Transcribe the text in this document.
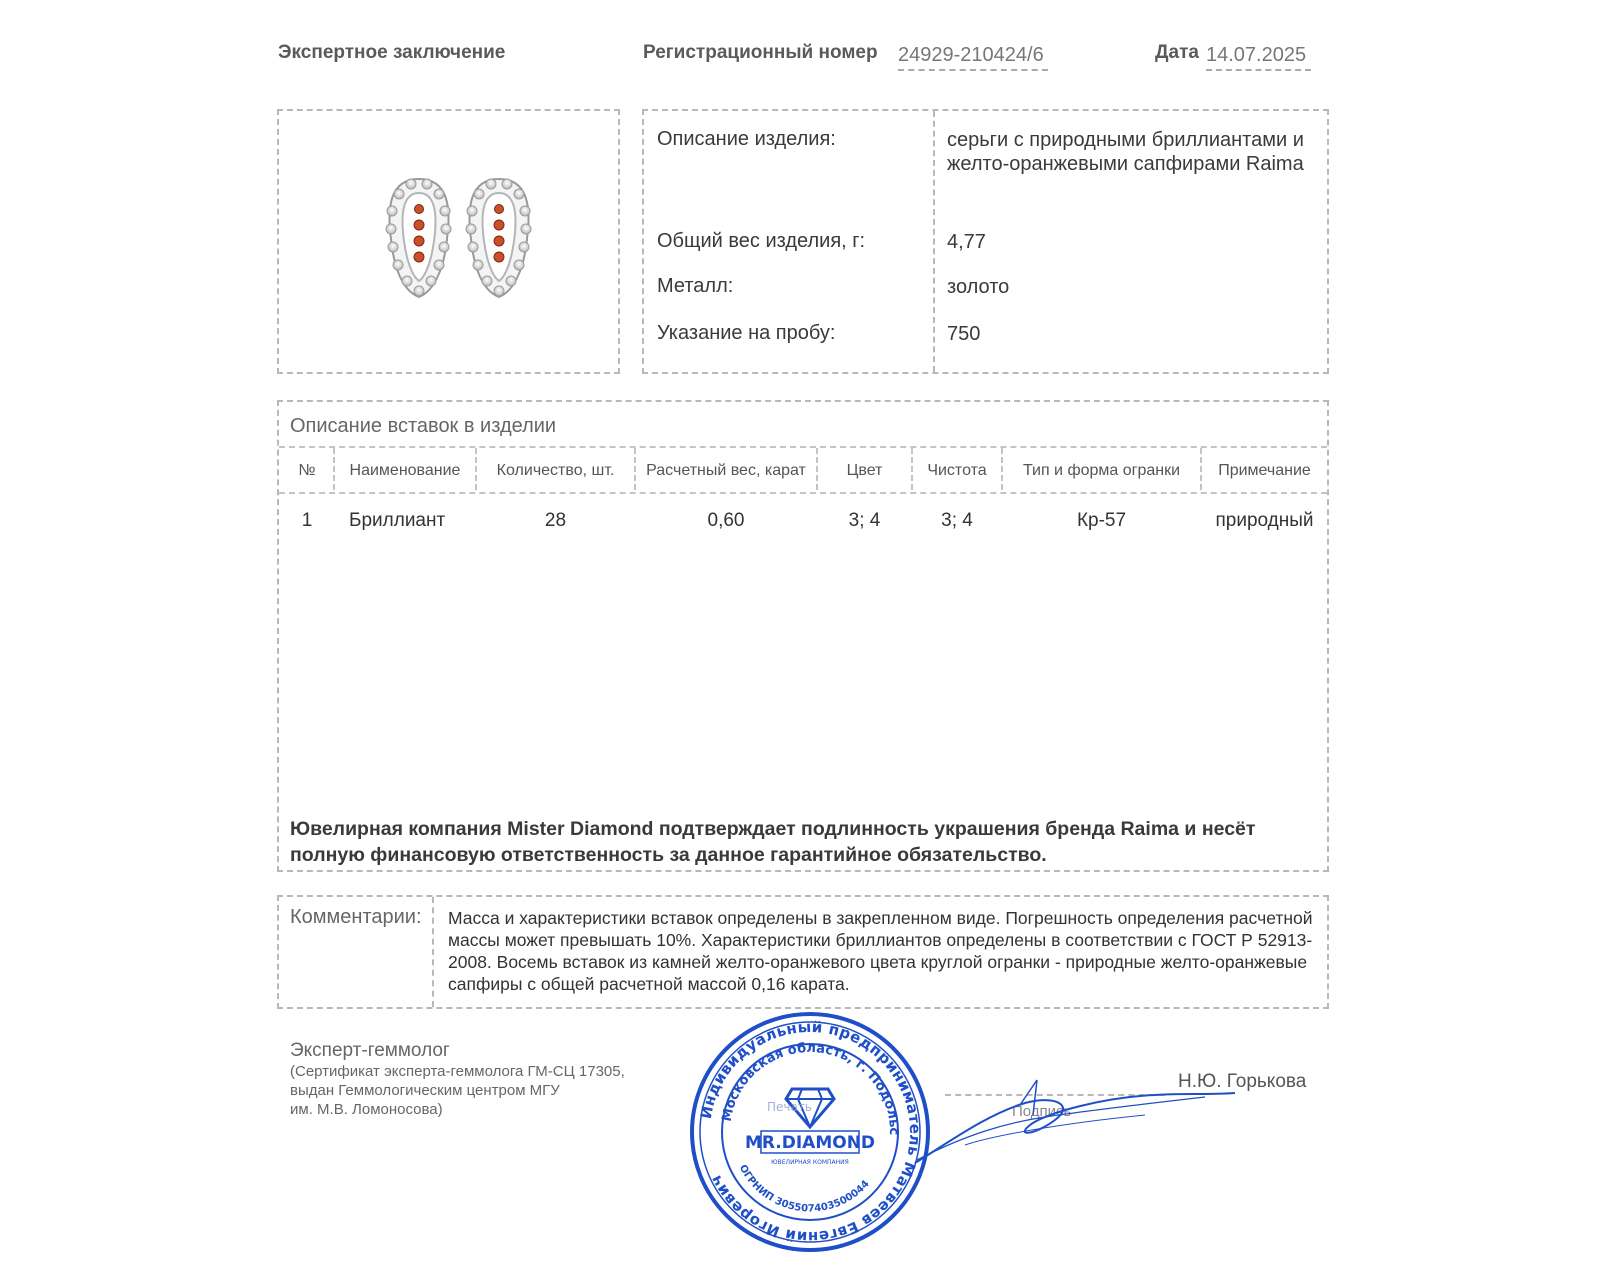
Экспертное заключение	Регистрационный номер 24929-210424/6	Дата 14.07.2025
Описание изделия:	серьги с природными бриллиантами и желто-оранжевыми сапфирами Raima
Общий вес изделия, г:	4,77
Металл:	золото
Указание на пробу:	750
Описание вставок в изделии
№	Наименование	Количество, шт.	Расчетный вес, карат	Цвет	Чистота	Тип и форма огранки	Примечание
1	Бриллиант	28	0,60	3; 4	3; 4	Кр-57	природный
Ювелирная компания Mister Diamond подтверждает подлинность украшения бренда Raima и несёт полную финансовую ответственность за данное гарантийное обязательство.
Комментарии: Масса и характеристики вставок определены в закрепленном виде. Погрешность определения расчетной массы может превышать 10%. Характеристики бриллиантов определены в соответствии с ГОСТ Р 52913-2008. Восемь вставок из камней желто-оранжевого цвета круглой огранки - природные желто-оранжевые сапфиры с общей расчетной массой 0,16 карата.
Эксперт-геммолог
(Сертификат эксперта-геммолога ГМ-СЦ 17305,
выдан Геммологическим центром МГУ
им. М.В. Ломоносова)	Подпись
Н.Ю. Горькова
Индивидуальный предприниматель Матвеев Евгений Игоревич
Московская область, г. Подольс
ОГРНИП 305507403500044
Печать
MR.DIAMOND
ЮВЕЛИРНАЯ КОМПАНИЯ
